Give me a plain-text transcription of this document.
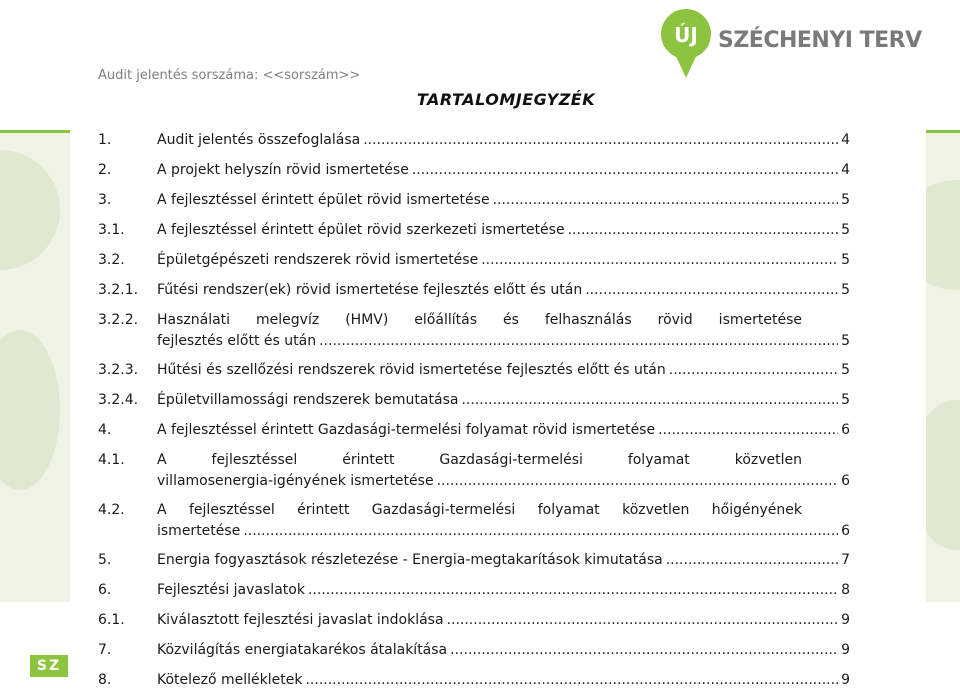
SZ
ÚJ SZÉCHENYI TERV
Audit jelentés sorszáma: <<sorszám>>
TARTALOMJEGYZÉK
1.	Audit jelentés összefoglalása .....	4
2.	A projekt helyszín rövid ismertetése .....	4
3.	A fejlesztéssel érintett épület rövid ismertetése .....	5
3.1. A fejlesztéssel érintett épület rövid szerkezeti ismertetése .....	5
3.2. Épületgépészeti rendszerek rövid ismertetése .....	5
3.2.1. Fűtési rendszer(ek) rövid ismertetése fejlesztés előtt és után .....	5
3.2.2. Használati melegvíz (HMV) előállítás és felhasználás rövid ismertetése
fejlesztés előtt és után .....	5
3.2.3. Hűtési és szellőzési rendszerek rövid ismertetése fejlesztés előtt és után .....	5
3.2.4. Épületvillamossági rendszerek bemutatása .....	5
4.	A fejlesztéssel érintett Gazdasági-termelési folyamat rövid ismertetése .....	6
4.1. A fejlesztéssel érintett Gazdasági-termelési folyamat közvetlen
villamosenergia-igényének ismertetése .....	6
4.2. A fejlesztéssel érintett Gazdasági-termelési folyamat közvetlen hőigényének
ismertetése .....	6
5.	Energia fogyasztások részletezése - Energia-megtakarítások kimutatása .....	7
6.	Fejlesztési javaslatok .....	8
6.1. Kiválasztott fejlesztési javaslat indoklása .....	9
7.	Közvilágítás energiatakarékos átalakítása .....	9
8.	Kötelező mellékletek .....	9
